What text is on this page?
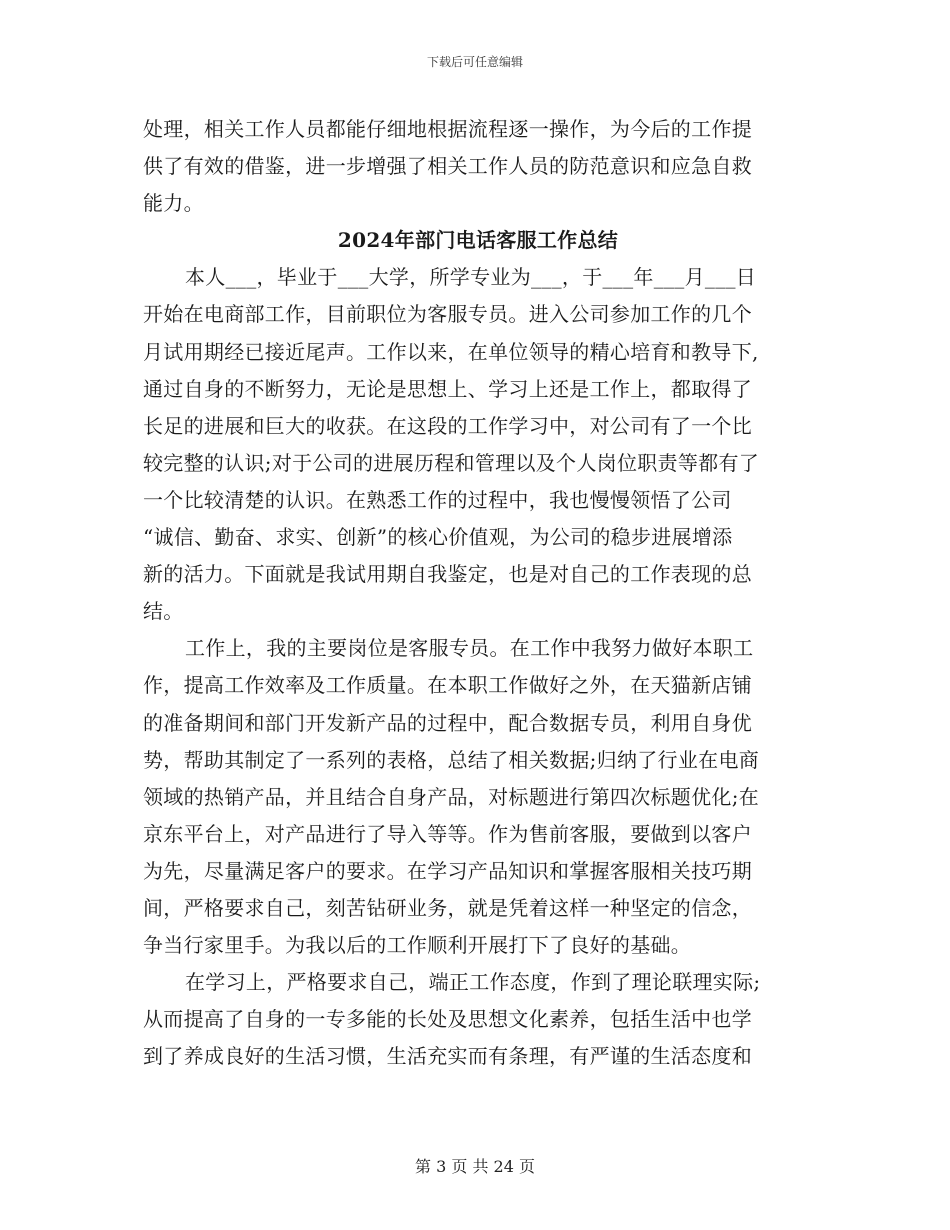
下载后可任意编辑
处理，相关工作人员都能仔细地根据流程逐一操作，为今后的工作提
供了有效的借鉴，进一步增强了相关工作人员的防范意识和应急自救
能力。
2024年部门电话客服工作总结
本人___，毕业于___大学，所学专业为___，于___年___月___日
开始在电商部工作，目前职位为客服专员。进入公司参加工作的几个
月试用期经已接近尾声。工作以来，在单位领导的精心培育和教导下,
通过自身的不断努力，无论是思想上、学习上还是工作上，都取得了
长足的进展和巨大的收获。在这段的工作学习中，对公司有了一个比
较完整的认识;对于公司的进展历程和管理以及个人岗位职责等都有了
一个比较清楚的认识。在熟悉工作的过程中，我也慢慢领悟了公司
“诚信、勤奋、求实、创新”的核心价值观，为公司的稳步进展增添
新的活力。下面就是我试用期自我鉴定，也是对自己的工作表现的总
结。
工作上，我的主要岗位是客服专员。在工作中我努力做好本职工
作，提高工作效率及工作质量。在本职工作做好之外，在天猫新店铺
的准备期间和部门开发新产品的过程中，配合数据专员，利用自身优
势，帮助其制定了一系列的表格，总结了相关数据;归纳了行业在电商
领域的热销产品，并且结合自身产品，对标题进行第四次标题优化;在
京东平台上，对产品进行了导入等等。作为售前客服，要做到以客户
为先，尽量满足客户的要求。在学习产品知识和掌握客服相关技巧期
间，严格要求自己，刻苦钻研业务，就是凭着这样一种坚定的信念，
争当行家里手。为我以后的工作顺利开展打下了良好的基础。
在学习上，严格要求自己，端正工作态度，作到了理论联理实际;
从而提高了自身的一专多能的长处及思想文化素养，包括生活中也学
到了养成良好的生活习惯，生活充实而有条理，有严谨的生活态度和
第 3 页 共 24 页
